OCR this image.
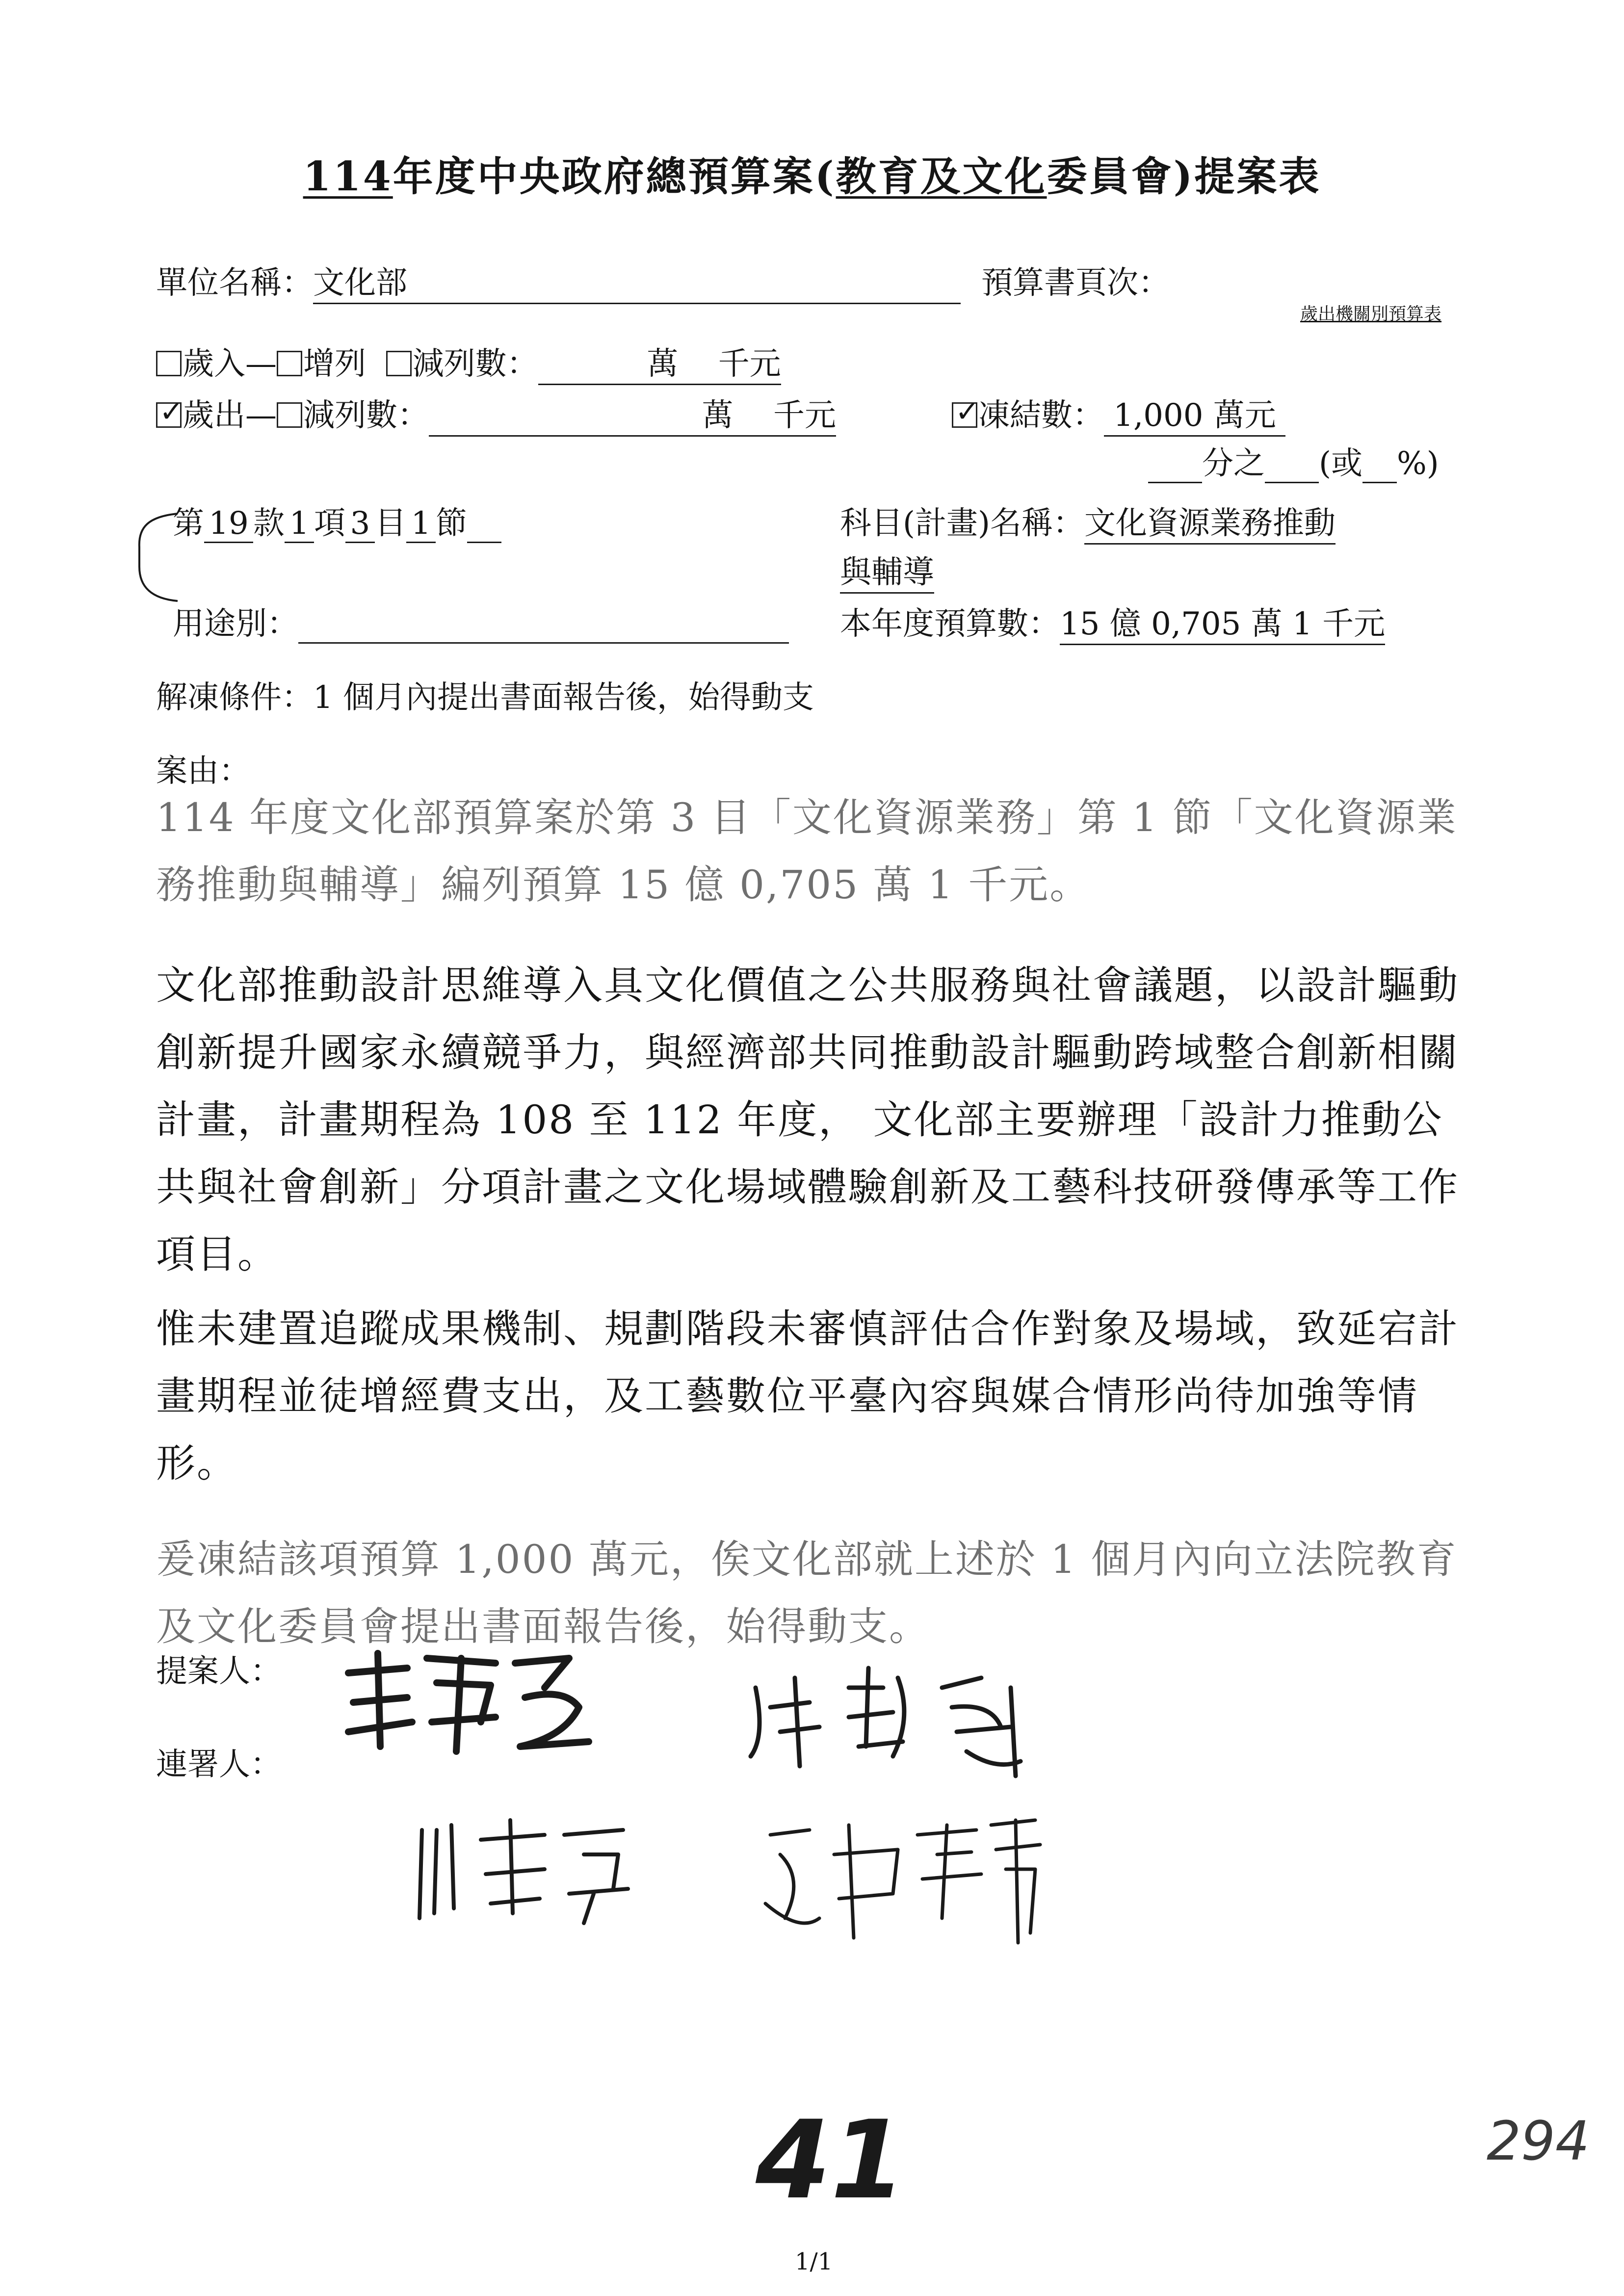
114年度中央政府總預算案(教育及文化委員會)提案表
單位名稱：文化部	預算書頁次：
歲出機關別預算表
歲入— 增列 減列數：	萬 千元
✓歲出— 減列數：	萬 千元
✓	凍結數： 1,000 萬元
分之 (或 %)
第 19 款 1 項 3 目 1 節	科目(計畫)名稱：文化資源業務推動
與輔導
用途別：	本年度預算數：15 億 0,705 萬 1 千元
解凍條件：1 個月內提出書面報告後，始得動支
案由：
114 年度文化部預算案於第 3 目「文化資源業務」第 1 節「文化資源業務推動與輔導」編列預算 15 億 0,705 萬 1 千元。
文化部推動設計思維導入具文化價值之公共服務與社會議題，以設計驅動創新提升國家永續競爭力，與經濟部共同推動設計驅動跨域整合創新相關計畫，計畫期程為 108 至 112 年度， 文化部主要辦理「設計力推動公共與社會創新」分項計畫之文化場域體驗創新及工藝科技研發傳承等工作項目。
惟未建置追蹤成果機制、規劃階段未審慎評估合作對象及場域，致延宕計畫期程並徒增經費支出，及工藝數位平臺內容與媒合情形尚待加強等情形。
爰凍結該項預算 1,000 萬元，俟文化部就上述於 1 個月內向立法院教育及文化委員會提出書面報告後，始得動支。
提案人：
連署人：
41	294
1/1
